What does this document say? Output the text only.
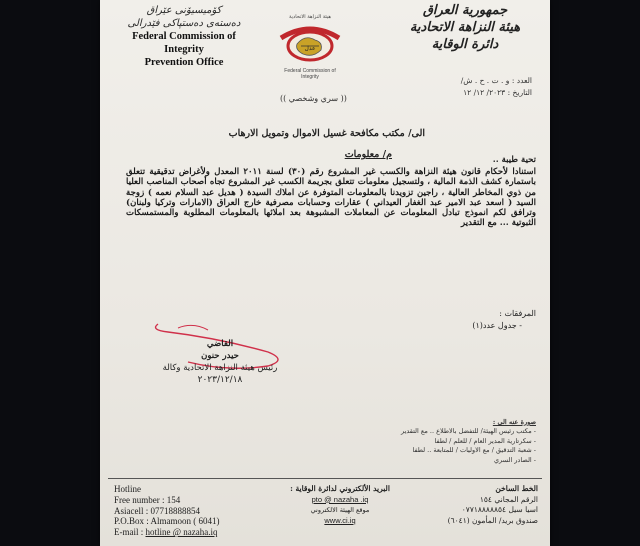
کۆمیسیۆنی عێراق
دەستەی دەستپاکی فێدرالی
Federal Commission of Integrity
Prevention Office
هيئة النزاهة الاتحادية
عدل
Federal Commission of Integrity
جمهورية العراق
هيئة النزاهة الاتحادية
دائرة الوقاية
العدد : و . ت . ح . ش/
التاريخ : ٢٠٢٣/ ١٢/ ١٢
(( سري وشخصي ))
الى/ مكتب مكافحة غسيل الاموال وتمويل الارهاب
م/ معلومات	تحية طيبة ..
استنادا لأحكام قانون هيئة النزاهة والكسب غير المشروع رقم (٣٠) لسنة ٢٠١١ المعدل ولأغراض تدقيقية تتعلق باستمارة كشف الذمة المالية ، ولتسجيل معلومات تتعلق بجريمة الكسب غير المشروع تجاه أصحاب المناصب العليا من ذوي المخاطر العالية ، راجين تزويدنا بالمعلومات المتوفرة عن املاك السيدة ( هديل عبد السلام نعمه ) زوجة السيد ( اسعد عبد الامير عبد الغفار العيداني ) عقارات وحسابات مصرفية خارج العراق (الامارات وتركيا ولبنان) وترافق لكم انموذج تبادل المعلومات عن المعاملات المشبوهة بعد املائها بالمعلومات المطلوبة والمستمسكات الثبوتية ... مع التقدير
المرفقات :
- جدول عدد(١)
القاضي
حيدر حنون
رئيس هيئة النزاهة الاتحادية وكالة
٢٠٢٣/١٢/١٨
صورة عنه الى :
- مكتب رئيس الهيئة/ للتفضل بالاطلاع .. مع التقدير
- سكرتارية المدير العام / للعلم / لطفا
- شعبة التدقيق / مع الاوليات / للمتابعة .. لطفا
- الصادر السري
Hotline
Free number : 154
Asiacell : 07718888854
P.O.Box : Almamoon ( 6041)
E-mail : hotline @ nazaha.iq
البريد الألكتروني لدائرة الوقاية :
pto @ nazaha .iq
موقع الهيئة الالكتروني
www.ci.iq
الخط الساخن
الرقم المجاني ١٥٤
اسيا سيل ٠٧٧١٨٨٨٨٨٥٤
صندوق بريد/ المأمون (٦٠٤١)
